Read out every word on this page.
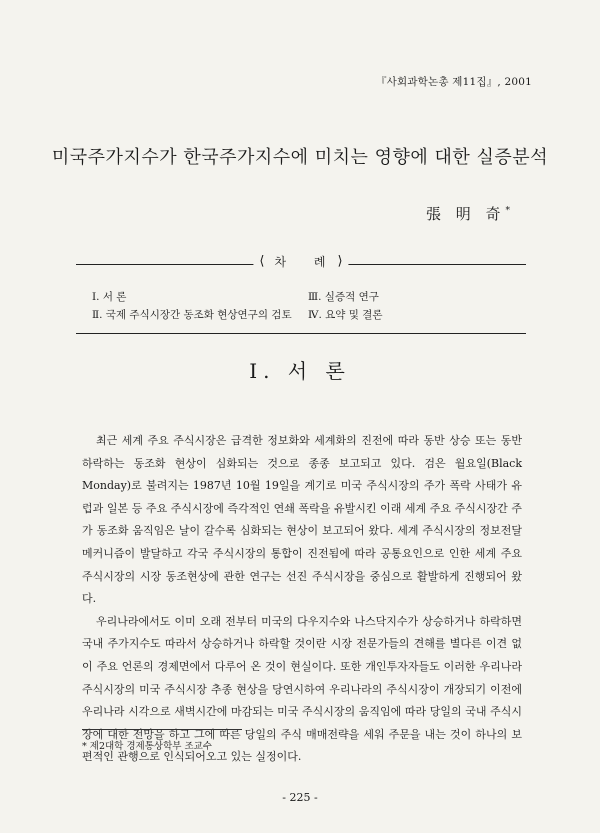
『사회과학논총 제11집』, 2001
미국주가지수가 한국주가지수에 미치는 영향에 대한 실증분석
張 明 奇*
⟨ 차 례 ⟩
Ⅰ. 서 론
Ⅱ. 국제 주식시장간 동조화 현상연구의 검토
Ⅲ. 실증적 연구
Ⅳ. 요약 및 결론
Ⅰ. 서 론

최근 세계 주요 주식시장은 급격한 정보화와 세계화의 진전에 따라 동반 상승 또는 동반 하락하는 동조화 현상이 심화되는 것으로 종종 보고되고 있다. 검은 월요일(Black Monday)로 불려지는 1987년 10월 19일을 계기로 미국 주식시장의 주가 폭락 사태가 유럽과 일본 등 주요 주식시장에 즉각적인 연쇄 폭락을 유발시킨 이래 세계 주요 주식시장간 주가 동조화 움직임은 날이 갈수록 심화되는 현상이 보고되어 왔다. 세계 주식시장의 정보전달 메커니즘이 발달하고 각국 주식시장의 통합이 진전됨에 따라 공통요인으로 인한 세계 주요 주식시장의 시장 동조현상에 관한 연구는 선진 주식시장을 중심으로 활발하게 진행되어 왔다.

우리나라에서도 이미 오래 전부터 미국의 다우지수와 나스닥지수가 상승하거나 하락하면 국내 주가지수도 따라서 상승하거나 하락할 것이란 시장 전문가들의 견해를 별다른 이견 없이 주요 언론의 경제면에서 다루어 온 것이 현실이다. 또한 개인투자자들도 이러한 우리나라 주식시장의 미국 주식시장 추종 현상을 당연시하여 우리나라의 주식시장이 개장되기 이전에 우리나라 시각으로 새벽시간에 마감되는 미국 주식시장의 움직임에 따라 당일의 국내 주식시장에 대한 전망을 하고 그에 따른 당일의 주식 매매전략을 세워 주문을 내는 것이 하나의 보편적인 관행으로 인식되어오고 있는 실정이다.

* 제2대학 경제통상학부 조교수
- 225 -
